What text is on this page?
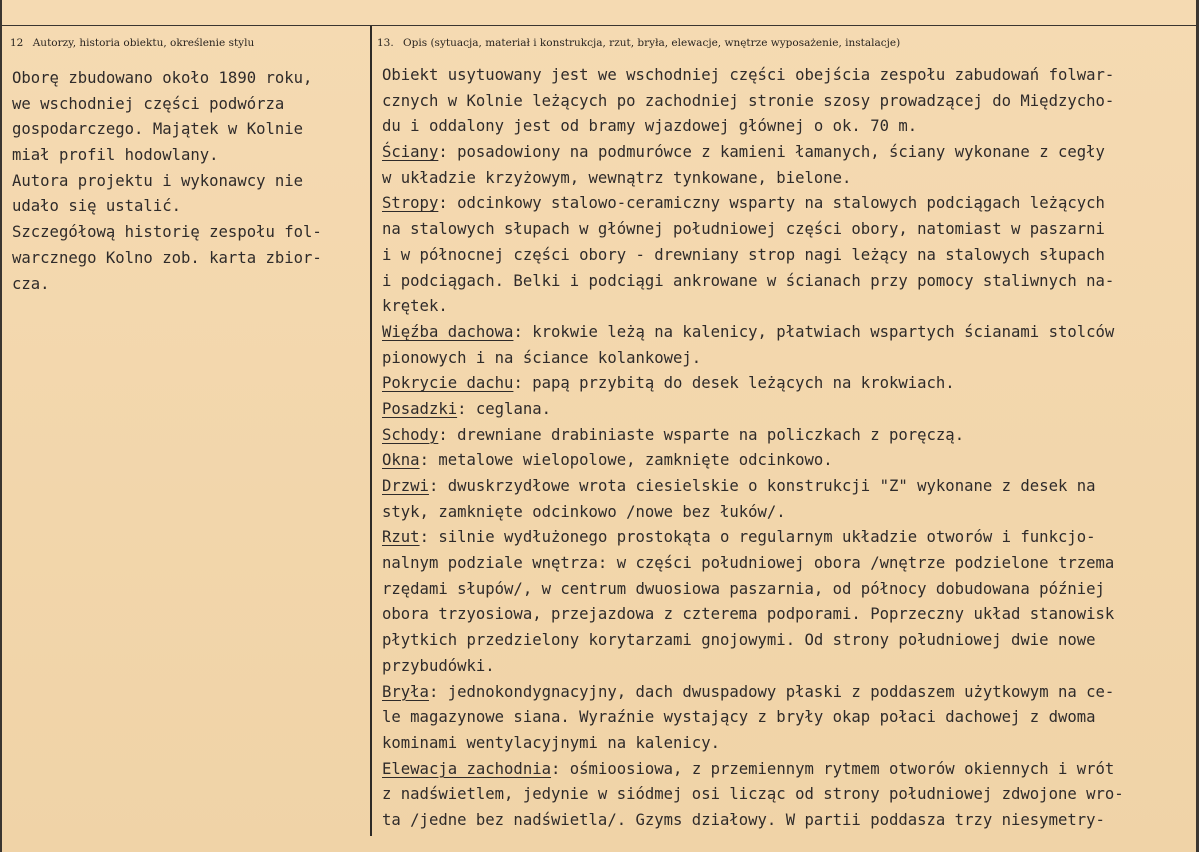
12 Autorzy, historia obiektu, określenie stylu	13. Opis (sytuacja, materiał i konstrukcja, rzut, bryła, elewacje, wnętrze wyposażenie, instalacje)
Oborę zbudowano około 1890 roku,
we wschodniej części podwórza
gospodarczego. Majątek w Kolnie
miał profil hodowlany.
Autora projektu i wykonawcy nie
udało się ustalić.
Szczegółową historię zespołu fol-
warcznego Kolno zob. karta zbior-
cza.
Obiekt usytuowany jest we wschodniej części obejścia zespołu zabudowań folwar-
cznych w Kolnie leżących po zachodniej stronie szosy prowadzącej do Międzycho-
du i oddalony jest od bramy wjazdowej głównej o ok. 70 m.
Ściany: posadowiony na podmurówce z kamieni łamanych, ściany wykonane z cegły
w układzie krzyżowym, wewnątrz tynkowane, bielone.
Stropy: odcinkowy stalowo-ceramiczny wsparty na stalowych podciągach leżących
na stalowych słupach w głównej południowej części obory, natomiast w paszarni
i w północnej części obory - drewniany strop nagi leżący na stalowych słupach
i podciągach. Belki i podciągi ankrowane w ścianach przy pomocy staliwnych na-
krętek.
Więźba dachowa: krokwie leżą na kalenicy, płatwiach wspartych ścianami stolców
pionowych i na ściance kolankowej.
Pokrycie dachu: papą przybitą do desek leżących na krokwiach.
Posadzki: ceglana.
Schody: drewniane drabiniaste wsparte na policzkach z poręczą.
Okna: metalowe wielopolowe, zamknięte odcinkowo.
Drzwi: dwuskrzydłowe wrota ciesielskie o konstrukcji "Z" wykonane z desek na
styk, zamknięte odcinkowo /nowe bez łuków/.
Rzut: silnie wydłużonego prostokąta o regularnym układzie otworów i funkcjo-
nalnym podziale wnętrza: w części południowej obora /wnętrze podzielone trzema
rzędami słupów/, w centrum dwuosiowa paszarnia, od północy dobudowana później
obora trzyosiowa, przejazdowa z czterema podporami. Poprzeczny układ stanowisk
płytkich przedzielony korytarzami gnojowymi. Od strony południowej dwie nowe
przybudówki.
Bryła: jednokondygnacyjny, dach dwuspadowy płaski z poddaszem użytkowym na ce-
le magazynowe siana. Wyraźnie wystający z bryły okap połaci dachowej z dwoma
kominami wentylacyjnymi na kalenicy.
Elewacja zachodnia: ośmioosiowa, z przemiennym rytmem otworów okiennych i wrót
z nadświetlem, jedynie w siódmej osi licząc od strony południowej zdwojone wro-
ta /jedne bez nadświetla/. Gzyms działowy. W partii poddasza trzy niesymetry-
